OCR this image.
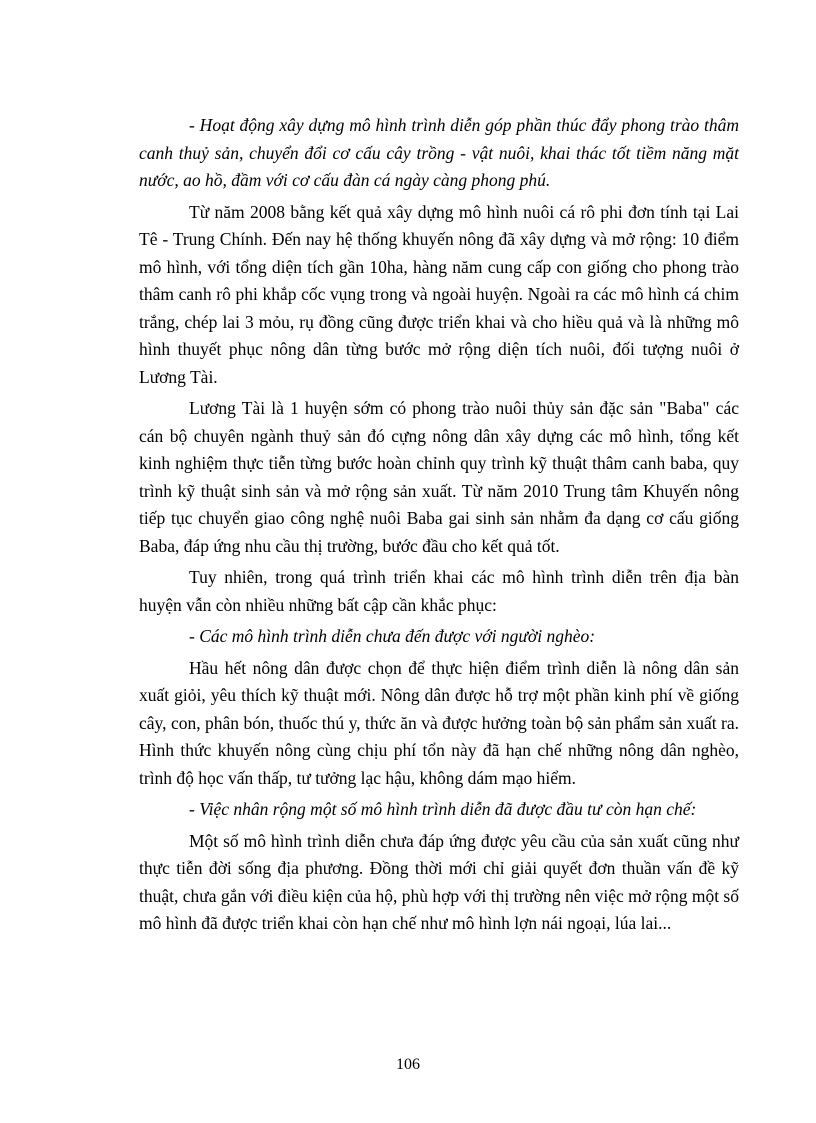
- Hoạt động xây dựng mô hình trình diễn góp phần thúc đẩy phong trào thâm canh thuỷ sản, chuyển đổi cơ cấu cây trồng - vật nuôi, khai thác tốt tiềm năng mặt nước, ao hồ, đầm với cơ cấu đàn cá ngày càng phong phú.

Từ năm 2008 bằng kết quả xây dựng mô hình nuôi cá rô phi đơn tính tại Lai Tê - Trung Chính. Đến nay hệ thống khuyến nông đã xây dựng và mở rộng: 10 điểm mô hình, với tổng diện tích gần 10ha, hàng năm cung cấp con giống cho phong trào thâm canh rô phi khắp cốc vụng trong và ngoài huyện. Ngoài ra các mô hình cá chim trắng, chép lai 3 mỏu, rụ đồng cũng được triển khai và cho hiều quả và là những mô hình thuyết phục nông dân từng bước mở rộng diện tích nuôi, đối tượng nuôi ở Lương Tài.

Lương Tài là 1 huyện sớm có phong trào nuôi thủy sản đặc sản "Baba" các cán bộ chuyên ngành thuỷ sản đó cựng nông dân xây dựng các mô hình, tổng kết kinh nghiệm thực tiễn từng bước hoàn chỉnh quy trình kỹ thuật thâm canh baba, quy trình kỹ thuật sinh sản và mở rộng sản xuất. Từ năm 2010 Trung tâm Khuyến nông tiếp tục chuyển giao công nghệ nuôi Baba gai sinh sản nhằm đa dạng cơ cấu giống Baba, đáp ứng nhu cầu thị trường, bước đầu cho kết quả tốt.

Tuy nhiên, trong quá trình triển khai các mô hình trình diễn trên địa bàn huyện vẫn còn nhiều những bất cập cần khắc phục:

- Các mô hình trình diễn chưa đến được với người nghèo:

Hầu hết nông dân được chọn để thực hiện điểm trình diễn là nông dân sản xuất giỏi, yêu thích kỹ thuật mới. Nông dân được hỗ trợ một phần kinh phí về giống cây, con, phân bón, thuốc thú y, thức ăn và được hưởng toàn bộ sản phẩm sản xuất ra. Hình thức khuyến nông cùng chịu phí tổn này đã hạn chế những nông dân nghèo, trình độ học vấn thấp, tư tưởng lạc hậu, không dám mạo hiểm.

- Việc nhân rộng một số mô hình trình diễn đã được đầu tư còn hạn chế:

Một số mô hình trình diễn chưa đáp ứng được yêu cầu của sản xuất cũng như thực tiễn đời sống địa phương. Đồng thời mới chỉ giải quyết đơn thuần vấn đề kỹ thuật, chưa gắn với điều kiện của hộ, phù hợp với thị trường nên việc mở rộng một số mô hình đã được triển khai còn hạn chế như mô hình lợn nái ngoại, lúa lai...

106
